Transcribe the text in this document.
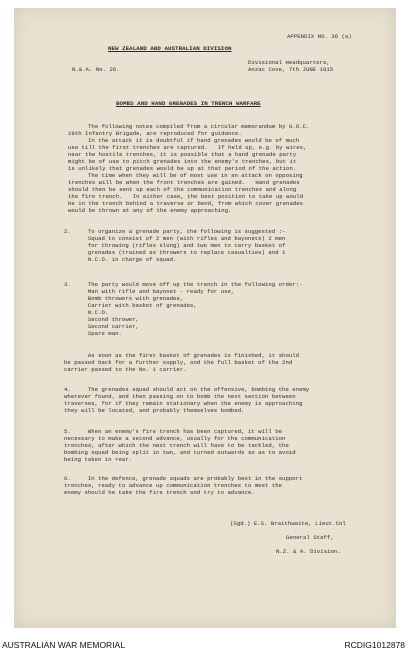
APPENDIX NO. 36 (a)
NEW ZEALAND AND AUSTRALIAN DIVISION
Divisional Headquarters,
N.&.A. No. 26.	Anzac Cove, 7th JUNE 1915
BOMBS AND HAND GRENADES IN TRENCH WARFARE
The following notes compiled from a circular memorandum by G.O.C.
19th Infantry Brigade, are reproduced for guidance.
In the attack it is doubtful if hand grenades would be of much
use till the first trenches are captured.   If held up, e.g. by wires,
near the hostile trenches, it is possible that a hand grenade party
might be of use to pitch grenades into the enemy's trenches, but it
is unlikely that grenades would be up at that period of the action.
The time when they will be of most use in an attack on opposing
trenches will be when the front trenches are gained.   Hand grenades
should then be sent up each of the communication trenches and along
the fire trench.   In either case, the best position to take up would
be in the trench behind a traverse or bend, from which cover grenades
would be thrown at any of the enemy approaching.
2.     To organize a grenade party, the following is suggested :-
Squad to consist of 2 men (with rifles and bayonets) 2 men
for throwing (rifles slung) and two men to carry basket of
grenades (trained as throwers to replace casualties) and 1
N.C.O. in charge of squad.
3.     The party would move off up the trench in the following order:-
Man with rifle and bayonet - ready for use,
Bomb throwers with grenades,
Carrier with basket of grenades,
N.C.O.
Second thrower,
Second carrier,
Spare man.
As soon as the first basket of grenades is finished, it should
be passed back for a further supply, and the full basket of the 2nd
carrier passed to the No. 1 carrier.
4.     The grenades squad should act on the offensive, bombing the enemy
wherever found, and then passing on to bomb the next section between
traverses, for if they remain stationary when the enemy is approaching
they will be located, and probably themselves bombed.
5.     When an enemy's fire trench has been captured, it will be
necessary to make a second advance, usually for the communication
trenches, after which the next trench will have to be tackled, the
bombing squad being split in two, and turned outwards so as to avoid
being taken in rear.
6.     In the defence, grenade squads are probably best in the support
trenches, ready to advance up communication trenches to meet the
enemy should he take the fire trench and try to advance.
(Sgd.) E.S. Braithwaite, Lieut.Col
General Staff,
N.Z. & A. Division.
AUSTRALIAN WAR MEMORIAL	RCDIG1012878
